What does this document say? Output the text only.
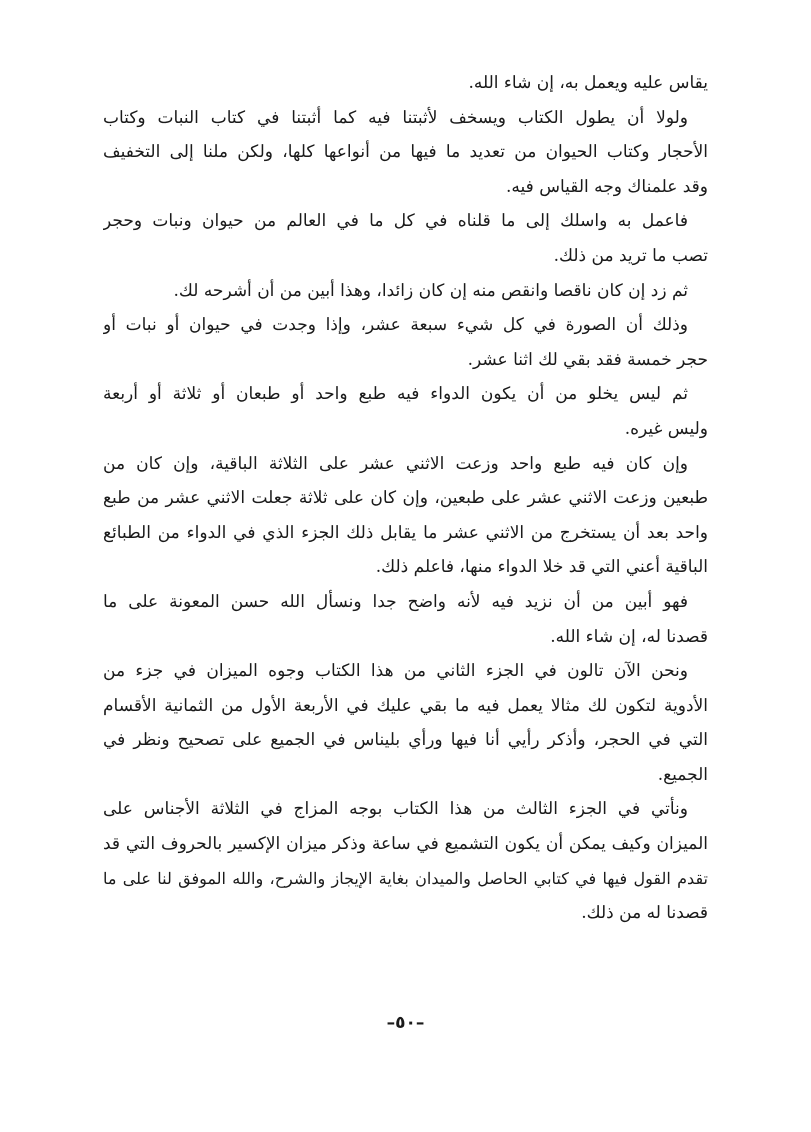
يقاس عليه ويعمل به، إن شاء الله.
ولولا أن يطول الكتاب ويسخف لأثبتنا فيه كما أثبتنا في كتاب النبات وكتاب
الأحجار وكتاب الحيوان من تعديد ما فيها من أنواعها كلها، ولكن ملنا إلى التخفيف
وقد علمناك وجه القياس فيه.
فاعمل به واسلك إلى ما قلناه في كل ما في العالم من حيوان ونبات وحجر
تصب ما تريد من ذلك.
ثم زد إن كان ناقصا وانقص منه إن كان زائدا، وهذا أبين من أن أشرحه لك.
وذلك أن الصورة في كل شيء سبعة عشر، وإذا وجدت في حيوان أو نبات أو
حجر خمسة فقد بقي لك اثنا عشر.
ثم ليس يخلو من أن يكون الدواء فيه طبع واحد أو طبعان أو ثلاثة أو أربعة
وليس غيره.
وإن كان فيه طبع واحد وزعت الاثني عشر على الثلاثة الباقية، وإن كان من
طبعين وزعت الاثني عشر على طبعين، وإن كان على ثلاثة جعلت الاثني عشر من طبع
واحد بعد أن يستخرج من الاثني عشر ما يقابل ذلك الجزء الذي في الدواء من الطبائع
الباقية أعني التي قد خلا الدواء منها، فاعلم ذلك.
فهو أبين من أن نزيد فيه لأنه واضح جدا ونسأل الله حسن المعونة على ما
قصدنا له، إن شاء الله.
ونحن الآن تالون في الجزء الثاني من هذا الكتاب وجوه الميزان في جزء من
الأدوية لتكون لك مثالا يعمل فيه ما بقي عليك في الأربعة الأول من الثمانية الأقسام
التي في الحجر، وأذكر رأيي أنا فيها ورأي بليناس في الجميع على تصحيح ونظر في
الجميع.
ونأتي في الجزء الثالث من هذا الكتاب بوجه المزاج في الثلاثة الأجناس على
الميزان وكيف يمكن أن يكون التشميع في ساعة وذكر ميزان الإكسير بالحروف التي قد
تقدم القول فيها في كتابي الحاصل والميدان بغاية الإيجاز والشرح، والله الموفق لنا على ما
قصدنا له من ذلك.
–٥٠–
